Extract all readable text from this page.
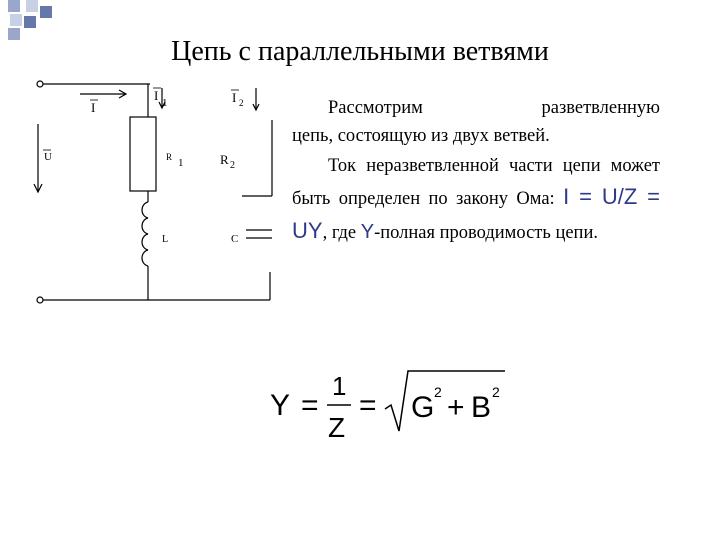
Цепь с параллельными ветвями
I
I 1	I 2
U	R 1	R 2
L	C

Рассмотрим разветвленную

цепь, состоящую из двух ветвей.

Ток неразветвленной части цепи может быть определен по закону Ома: I = U/Z = UY, где Y-полная проводимость цепи.

Y =
1
Z
= G 2 + B 2
